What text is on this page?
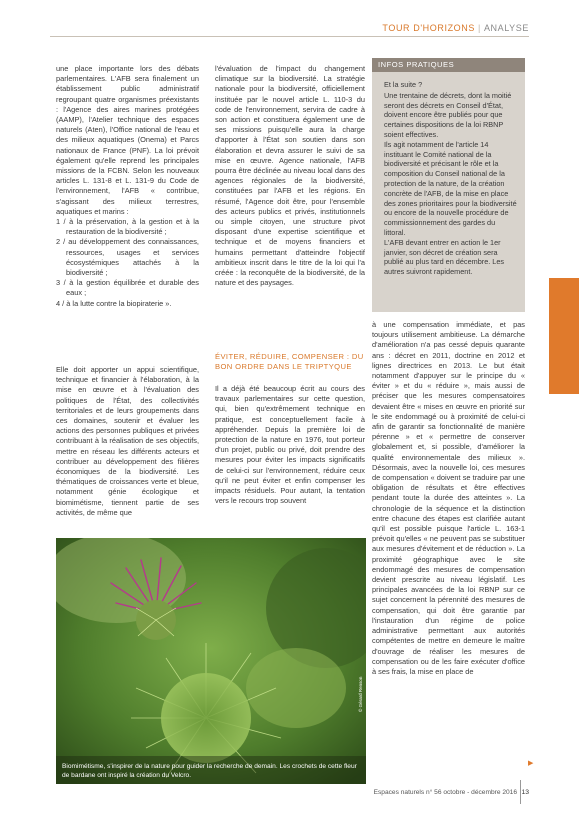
TOUR D'HORIZONS | ANALYSE

une place importante lors des débats parlementaires. L'AFB sera finalement un établissement public administratif regroupant quatre organismes préexistants : l'Agence des aires marines protégées (AAMP), l'Atelier technique des espaces naturels (Aten), l'Office national de l'eau et des milieux aquatiques (Onema) et Parcs nationaux de France (PNF). La loi prévoit également qu'elle reprend les principales missions de la FCBN. Selon les nouveaux articles L. 131-8 et L. 131-9 du Code de l'environnement, l'AFB « contribue, s'agissant des milieux terrestres, aquatiques et marins :

1 / à la préservation, à la gestion et à la restauration de la biodiversité ;
2 / au développement des connaissances, ressources, usages et services écosystémiques attachés à la biodiversité ;
3 / à la gestion équilibrée et durable des eaux ;
4 / à la lutte contre la biopiraterie ».

Elle doit apporter un appui scientifique, technique et financier à l'élaboration, à la mise en œuvre et à l'évaluation des politiques de l'État, des collectivités territoriales et de leurs groupements dans ces domaines, soutenir et évaluer les actions des personnes publiques et privées contribuant à la réalisation de ses objectifs, mettre en réseau les différents acteurs et contribuer au développement des filières économiques de la biodiversité. Les thématiques de croissances verte et bleue, notamment génie écologique et biomimétisme, tiennent partie de ses activités, de même que

l'évaluation de l'impact du changement climatique sur la biodiversité. La stratégie nationale pour la biodiversité, officiellement instituée par le nouvel article L. 110-3 du code de l'environnement, servira de cadre à son action et constituera également une de ses missions puisqu'elle aura la charge d'apporter à l'État son soutien dans son élaboration et devra assurer le suivi de sa mise en œuvre. Agence nationale, l'AFB pourra être déclinée au niveau local dans des agences régionales de la biodiversité, constituées par l'AFB et les régions. En résumé, l'Agence doit être, pour l'ensemble des acteurs publics et privés, institutionnels ou simple citoyen, une structure pivot disposant d'une expertise scientifique et technique et de moyens financiers et humains permettant d'atteindre l'objectif ambitieux inscrit dans le titre de la loi qui l'a créée : la reconquête de la biodiversité, de la nature et des paysages.

ÉVITER, RÉDUIRE, COMPENSER : DU BON ORDRE DANS LE TRIPTYQUE

Il a déjà été beaucoup écrit au cours des travaux parlementaires sur cette question, qui, bien qu'extrêmement technique en pratique, est conceptuellement facile à appréhender. Depuis la première loi de protection de la nature en 1976, tout porteur d'un projet, public ou privé, doit prendre des mesures pour éviter les impacts significatifs de celui-ci sur l'environnement, réduire ceux qu'il ne peut éviter et enfin compenser les impacts résiduels. Pour autant, la tentation vers le recours trop souvent

INFOS PRATIQUES

Et la suite ?

Une trentaine de décrets, dont la moitié seront des décrets en Conseil d'État, doivent encore être publiés pour que certaines dispositions de la loi RBNP soient effectives.

Ils agit notamment de l'article 14 instituant le Comité national de la biodiversité et précisant le rôle et la composition du Conseil national de la protection de la nature, de la création concrète de l'AFB, de la mise en place des zones prioritaires pour la biodiversité ou encore de la nouvelle procédure de commissionnement des gardes du littoral.

L'AFB devant entrer en action le 1er janvier, son décret de création sera publié au plus tard en décembre. Les autres suivront rapidement.

à une compensation immédiate, et pas toujours utilisement ambitieuse. La démarche d'amélioration n'a pas cessé depuis quarante ans : décret en 2011, doctrine en 2012 et lignes directrices en 2013. Le but était notamment d'appuyer sur le principe du « éviter » et du « réduire », mais aussi de préciser que les mesures compensatoires devaient être « mises en œuvre en priorité sur le site endommagé ou à proximité de celui-ci afin de garantir sa fonctionnalité de manière pérenne » et « permettre de conserver globalement et, si possible, d'améliorer la qualité environnementale des milieux ». Désormais, avec la nouvelle loi, ces mesures de compensation « doivent se traduire par une obligation de résultats et être effectives pendant toute la durée des atteintes ». La chronologie de la séquence et la distinction entre chacune des étapes est clarifiée autant qu'il est possible puisque l'article L. 163-1 prévoit qu'elles « ne peuvent pas se substituer aux mesures d'évitement et de réduction ». La proximité géographique avec le site endommagé des mesures de compensation devient prescrite au niveau législatif. Les principales avancées de la loi RBNP sur ce sujet concernent la pérennité des mesures de compensation, qui doit être garantie par l'instauration d'un régime de police administrative permettant aux autorités compétentes de mettre en demeure le maître d'ouvrage de réaliser les mesures de compensation ou de les faire exécuter d'office à ses frais, la mise en place de

Biomimétisme, s'inspirer de la nature pour guider la recherche de demain. Les crochets de cette fleur de bardane ont inspiré la création du Velcro.
© Gérard Renson
▶
Espaces naturels n° 56 octobre - décembre 2016 13
